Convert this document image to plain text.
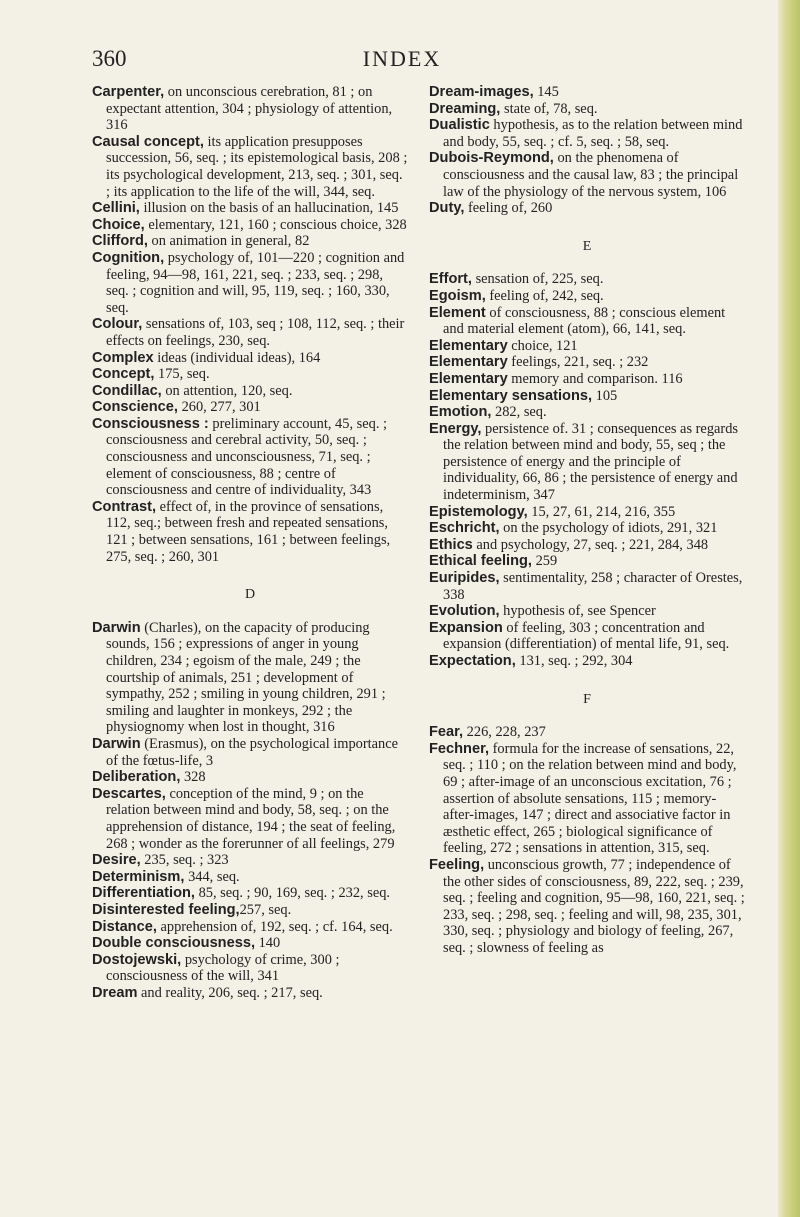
360	INDEX

Carpenter, on unconscious cerebration, 81 ; on expectant attention, 304 ; physiology of attention, 316

Causal concept, its application presupposes succession, 56, seq. ; its epistemological basis, 208 ; its psychological development, 213, seq. ; 301, seq. ; its application to the life of the will, 344, seq.

Cellini, illusion on the basis of an hallucination, 145

Choice, elementary, 121, 160 ; conscious choice, 328

Clifford, on animation in general, 82

Cognition, psychology of, 101—220 ; cognition and feeling, 94—98, 161, 221, seq. ; 233, seq. ; 298, seq. ; cognition and will, 95, 119, seq. ; 160, 330, seq.

Colour, sensations of, 103, seq ; 108, 112, seq. ; their effects on feelings, 230, seq.

Complex ideas (individual ideas), 164

Concept, 175, seq.

Condillac, on attention, 120, seq.

Conscience, 260, 277, 301

Consciousness : preliminary account, 45, seq. ; consciousness and cerebral activity, 50, seq. ; consciousness and unconsciousness, 71, seq. ; element of consciousness, 88 ; centre of consciousness and centre of individuality, 343

Contrast, effect of, in the province of sensations, 112, seq.; between fresh and repeated sensations, 121 ; between sensations, 161 ; between feelings, 275, seq. ; 260, 301

D

Darwin (Charles), on the capacity of producing sounds, 156 ; expressions of anger in young children, 234 ; egoism of the male, 249 ; the courtship of animals, 251 ; development of sympathy, 252 ; smiling in young children, 291 ; smiling and laughter in monkeys, 292 ; the physiognomy when lost in thought, 316

Darwin (Erasmus), on the psychological importance of the fœtus-life, 3

Deliberation, 328

Descartes, conception of the mind, 9 ; on the relation between mind and body, 58, seq. ; on the apprehension of distance, 194 ; the seat of feeling, 268 ; wonder as the forerunner of all feelings, 279

Desire, 235, seq. ; 323

Determinism, 344, seq.

Differentiation, 85, seq. ; 90, 169, seq. ; 232, seq.

Disinterested feeling,257, seq.

Distance, apprehension of, 192, seq. ; cf. 164, seq.

Double consciousness, 140

Dostojewski, psychology of crime, 300 ; consciousness of the will, 341

Dream and reality, 206, seq. ; 217, seq.

Dream-images, 145

Dreaming, state of, 78, seq.

Dualistic hypothesis, as to the relation between mind and body, 55, seq. ; cf. 5, seq. ; 58, seq.

Dubois-Reymond, on the phenomena of consciousness and the causal law, 83 ; the principal law of the physiology of the nervous system, 106

Duty, feeling of, 260

E

Effort, sensation of, 225, seq.

Egoism, feeling of, 242, seq.

Element of consciousness, 88 ; conscious element and material element (atom), 66, 141, seq.

Elementary choice, 121

Elementary feelings, 221, seq. ; 232

Elementary memory and comparison. 116

Elementary sensations, 105

Emotion, 282, seq.

Energy, persistence of. 31 ; consequences as regards the relation between mind and body, 55, seq ; the persistence of energy and the principle of individuality, 66, 86 ; the persistence of energy and indeterminism, 347

Epistemology, 15, 27, 61, 214, 216, 355

Eschricht, on the psychology of idiots, 291, 321

Ethics and psychology, 27, seq. ; 221, 284, 348

Ethical feeling, 259

Euripides, sentimentality, 258 ; character of Orestes, 338

Evolution, hypothesis of, see Spencer

Expansion of feeling, 303 ; concentration and expansion (differentiation) of mental life, 91, seq.

Expectation, 131, seq. ; 292, 304

F

Fear, 226, 228, 237

Fechner, formula for the increase of sensations, 22, seq. ; 110 ; on the relation between mind and body, 69 ; after-image of an unconscious excitation, 76 ; assertion of absolute sensations, 115 ; memory-after-images, 147 ; direct and associative factor in æsthetic effect, 265 ; biological significance of feeling, 272 ; sensations in attention, 315, seq.

Feeling, unconscious growth, 77 ; independence of the other sides of consciousness, 89, 222, seq. ; 239, seq. ; feeling and cognition, 95—98, 160, 221, seq. ; 233, seq. ; 298, seq. ; feeling and will, 98, 235, 301, 330, seq. ; physiology and biology of feeling, 267, seq. ; slowness of feeling as
